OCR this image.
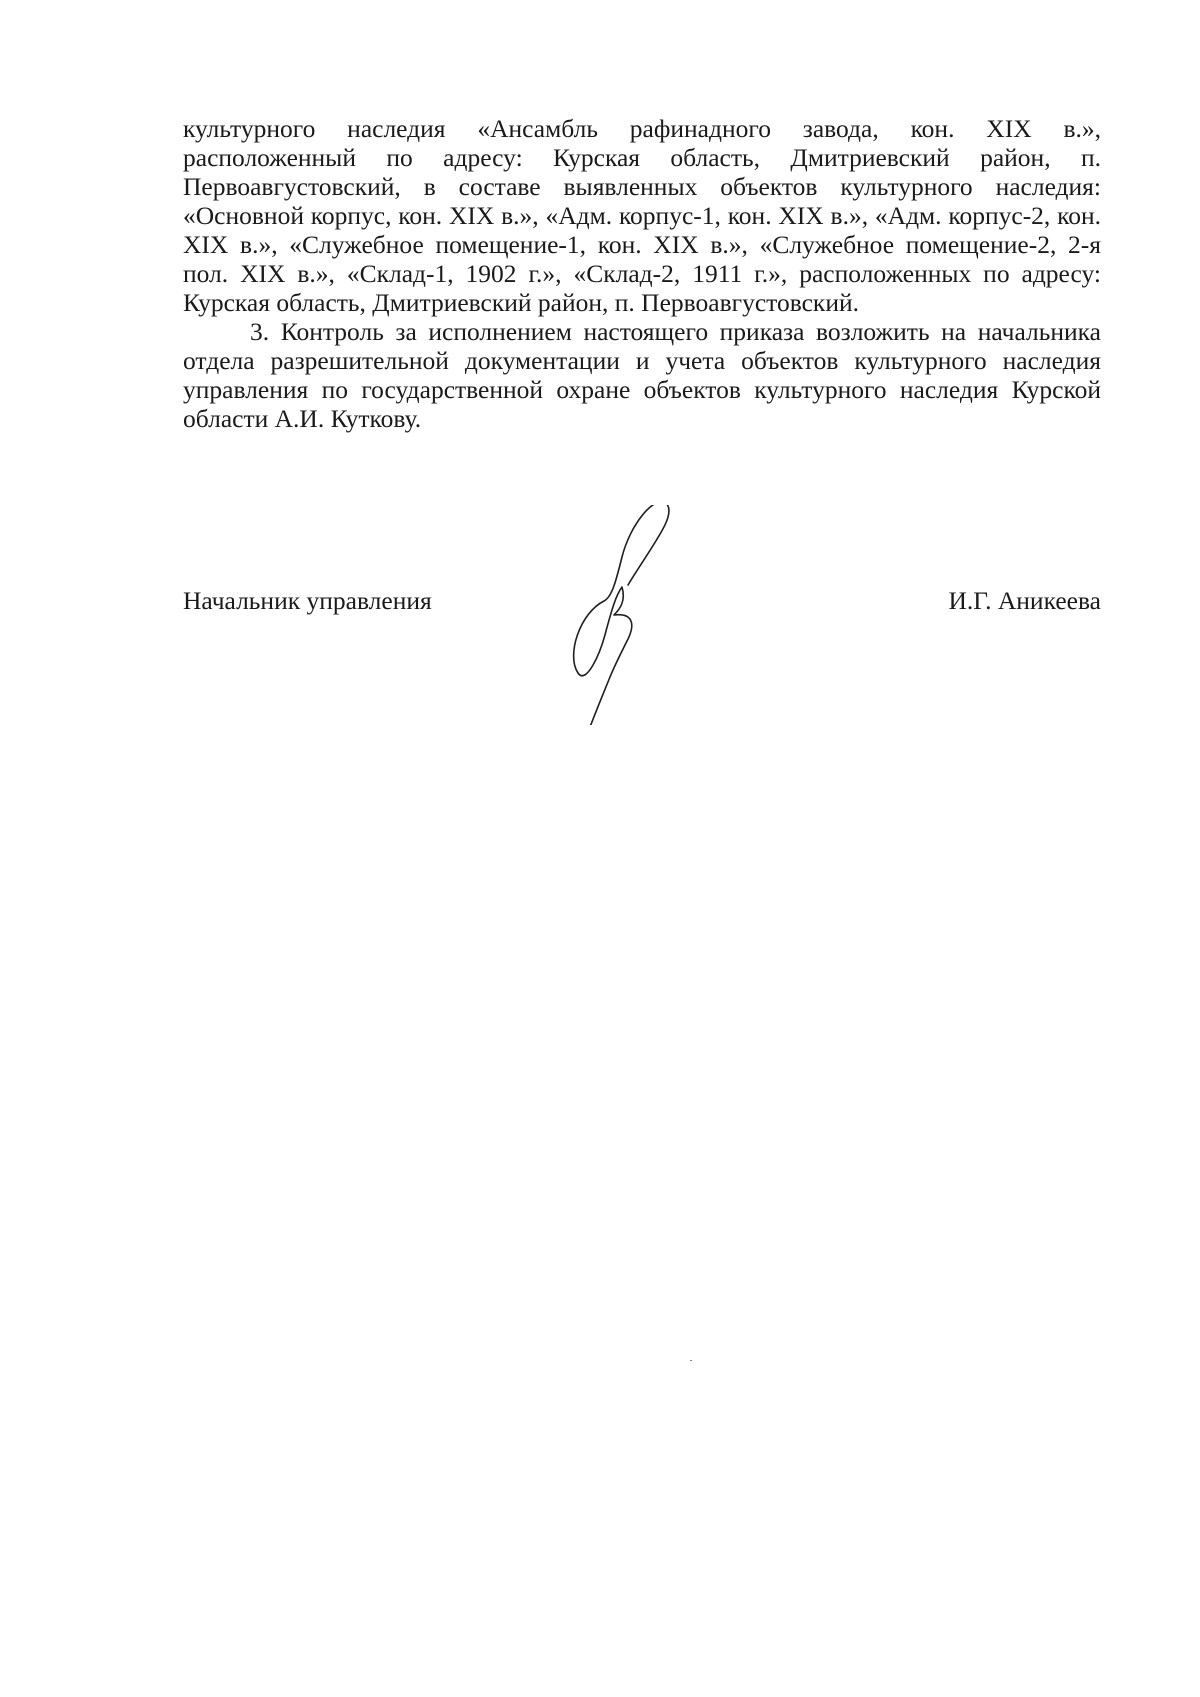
культурного наследия «Ансамбль рафинадного завода, кон. XIX в.», расположенный по адресу: Курская область, Дмитриевский район, п. Первоавгустовский, в составе выявленных объектов культурного наследия: «Основной корпус, кон. XIX в.», «Адм. корпус-1, кон. XIX в.», «Адм. корпус-2, кон. XIX в.», «Служебное помещение-1, кон. XIX в.», «Служебное помещение-2, 2-я пол. XIX в.», «Склад-1, 1902 г.», «Склад-2, 1911 г.», расположенных по адресу: Курская область, Дмитриевский район, п. Первоавгустовский.

3. Контроль за исполнением настоящего приказа возложить на начальника отдела разрешительной документации и учета объектов культурного наследия управления по государственной охране объектов культурного наследия Курской области А.И. Куткову.

Начальник управления	И.Г. Аникеева
